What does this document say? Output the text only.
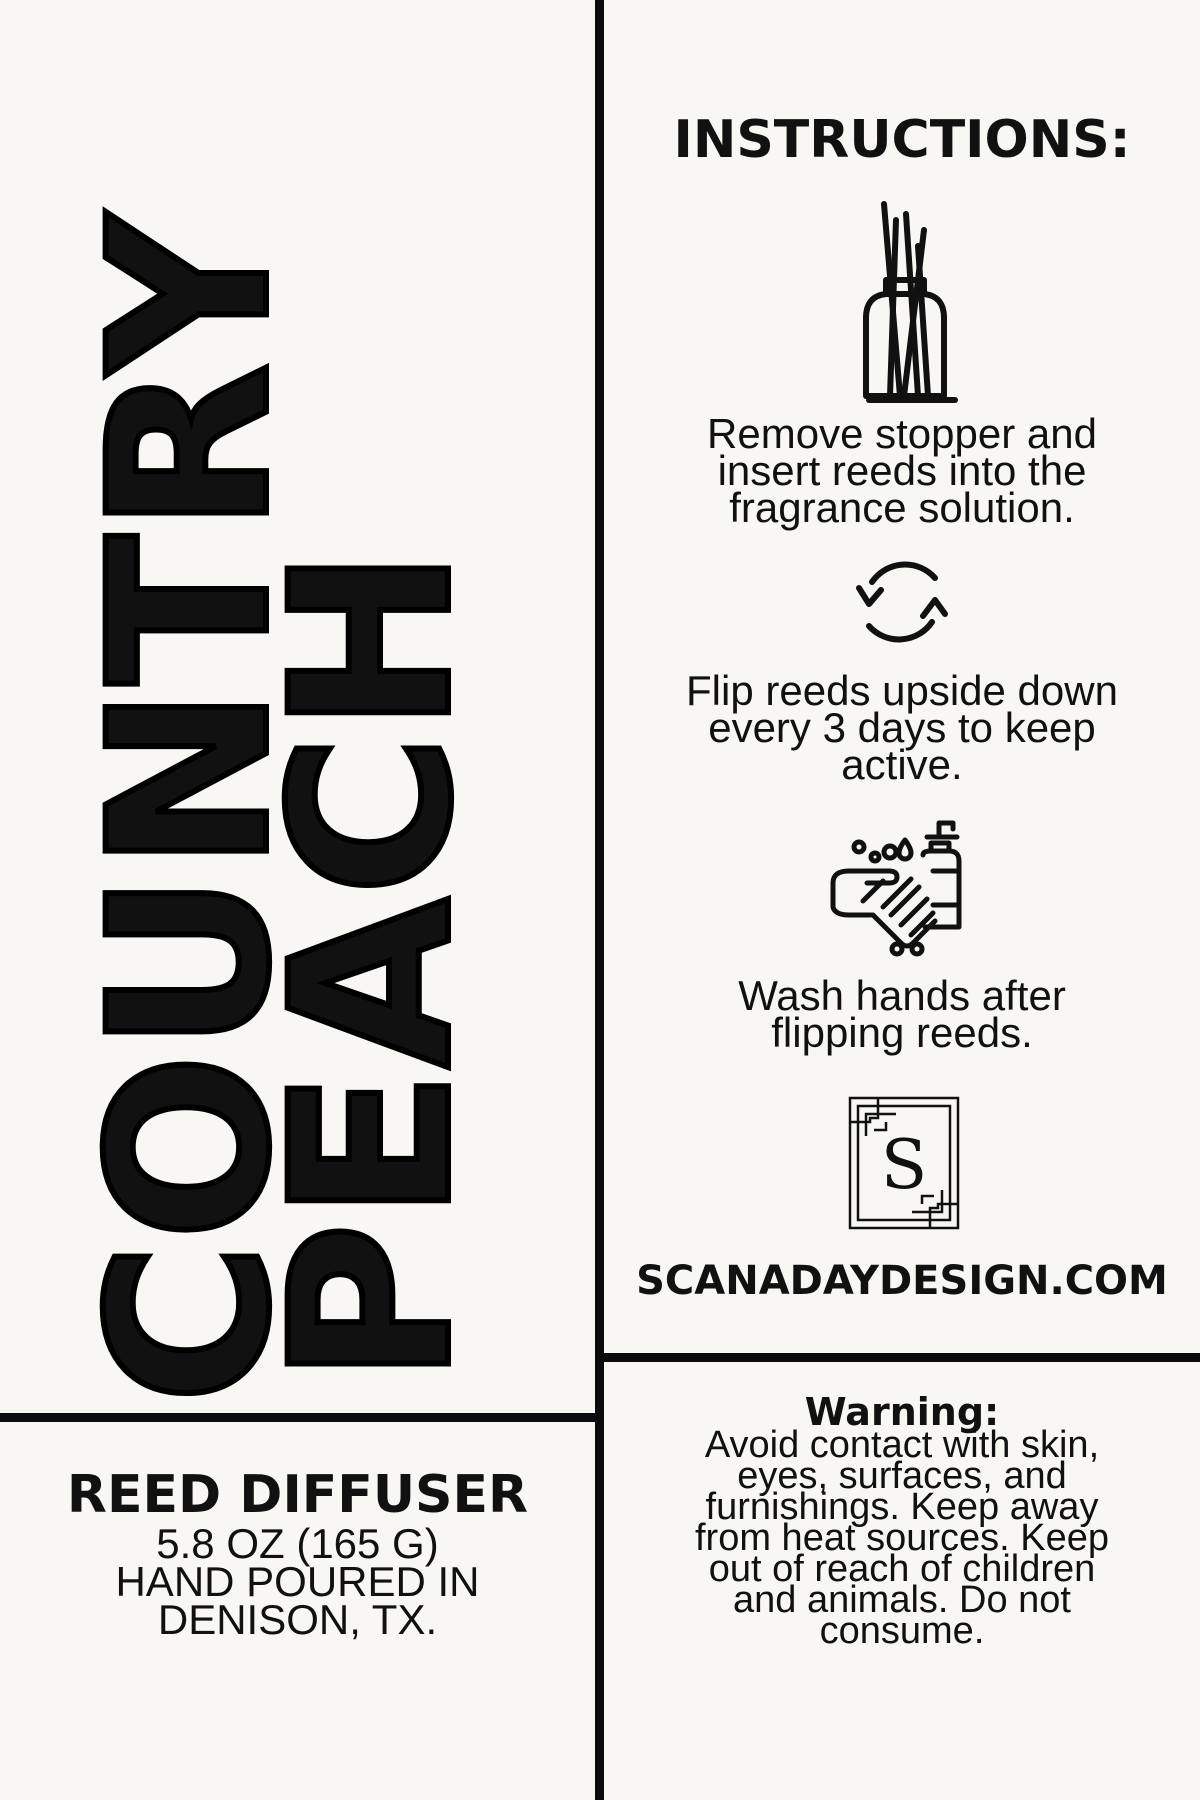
COUNTRY
PEACH
REED DIFFUSER
5.8 OZ (165 G)
HAND POURED IN
DENISON, TX.
INSTRUCTIONS:
Remove stopper and
insert reeds into the
fragrance solution.
Flip reeds upside down
every 3 days to keep
active.
Wash hands after
flipping reeds.
S
SCANADAYDESIGN.COM
Warning:
Avoid contact with skin, eyes, surfaces, and furnishings. Keep away from heat sources. Keep out of reach of children and animals. Do not consume.
